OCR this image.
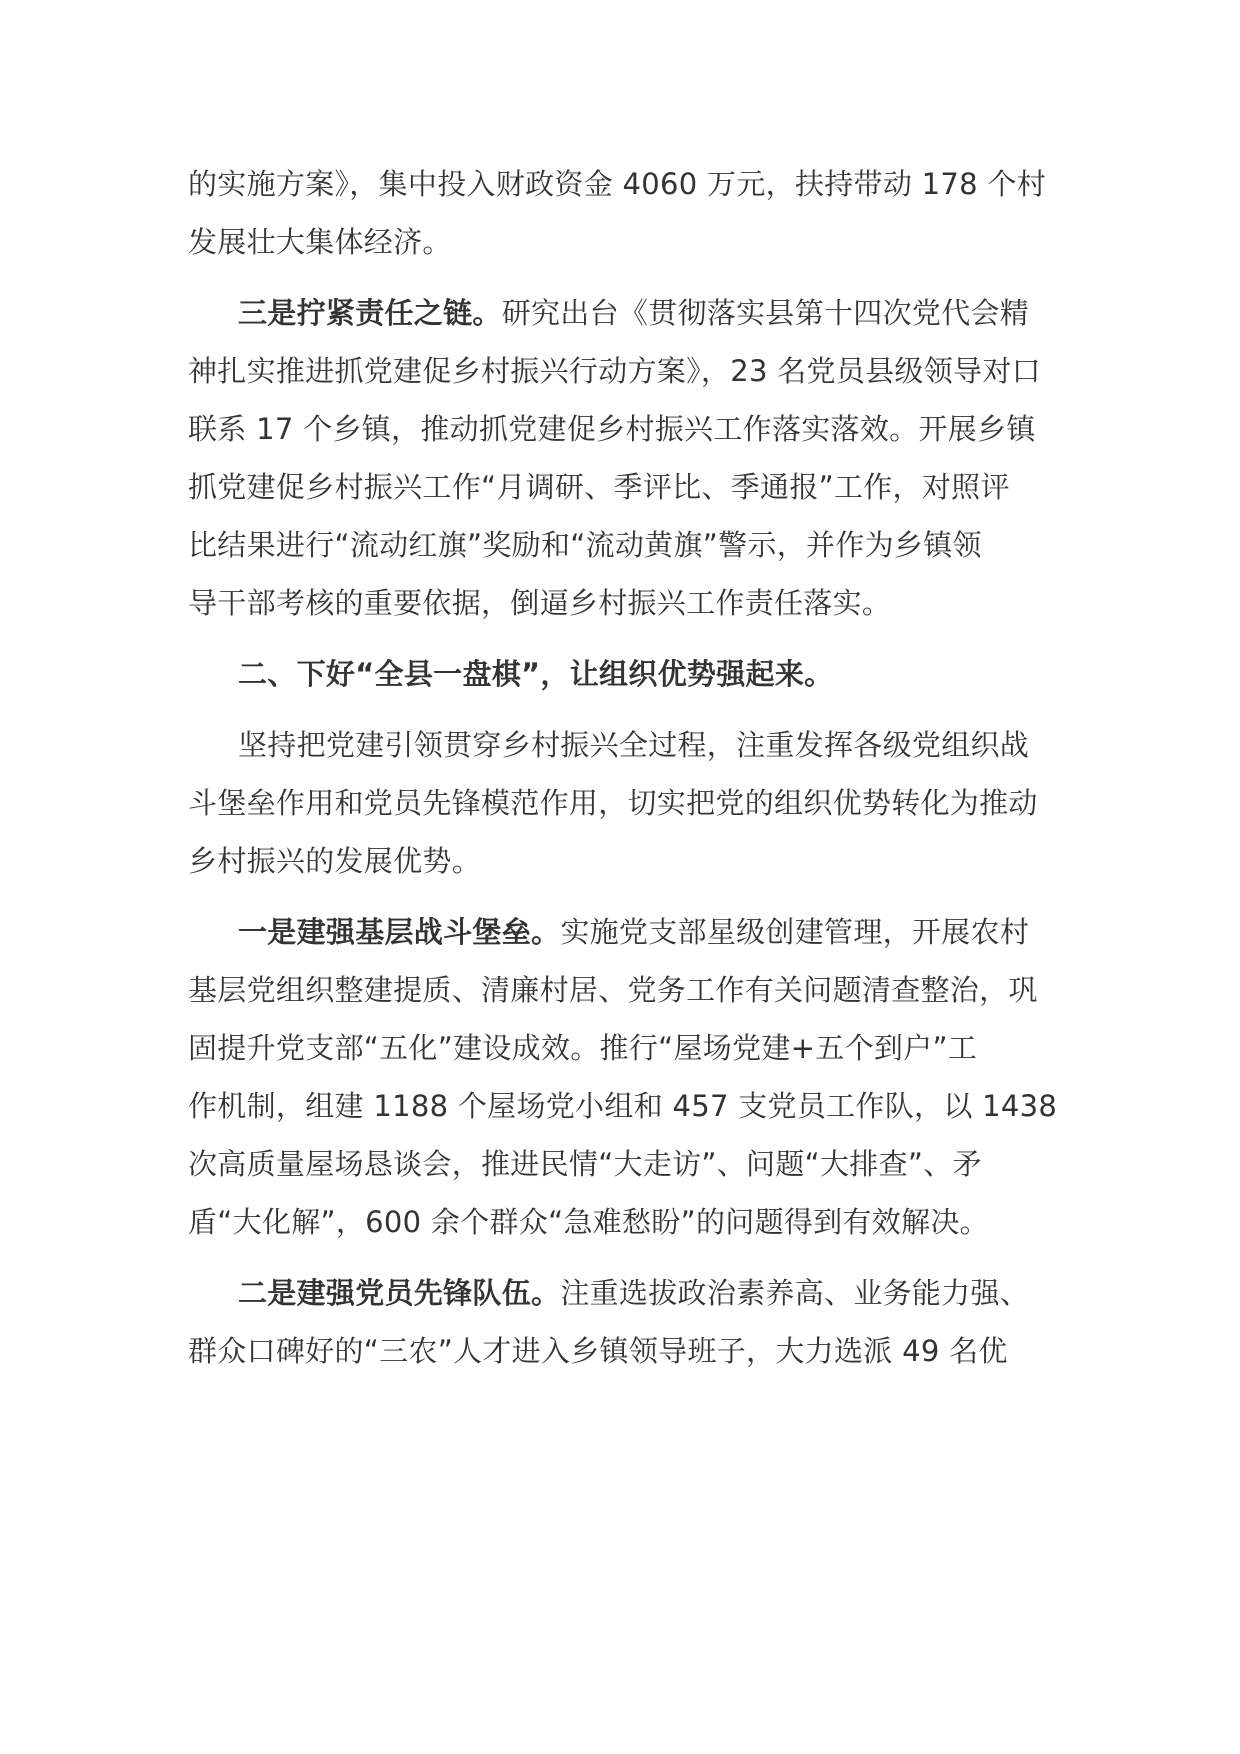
的实施方案》，集中投入财政资金 4060 万元，扶持带动 178 个村
发展壮大集体经济。
三是拧紧责任之链。研究出台《贯彻落实县第十四次党代会精
神扎实推进抓党建促乡村振兴行动方案》，23 名党员县级领导对口
联系 17 个乡镇，推动抓党建促乡村振兴工作落实落效。开展乡镇
抓党建促乡村振兴工作“月调研、季评比、季通报”工作，对照评
比结果进行“流动红旗”奖励和“流动黄旗”警示，并作为乡镇领
导干部考核的重要依据，倒逼乡村振兴工作责任落实。
二、下好“全县一盘棋”，让组织优势强起来。
坚持把党建引领贯穿乡村振兴全过程，注重发挥各级党组织战
斗堡垒作用和党员先锋模范作用，切实把党的组织优势转化为推动
乡村振兴的发展优势。
一是建强基层战斗堡垒。实施党支部星级创建管理，开展农村
基层党组织整建提质、清廉村居、党务工作有关问题清查整治，巩
固提升党支部“五化”建设成效。推行“屋场党建+五个到户”工
作机制，组建 1188 个屋场党小组和 457 支党员工作队，以 1438
次高质量屋场恳谈会，推进民情“大走访”、问题“大排查”、矛
盾“大化解”，600 余个群众“急难愁盼”的问题得到有效解决。
二是建强党员先锋队伍。注重选拔政治素养高、业务能力强、
群众口碑好的“三农”人才进入乡镇领导班子，大力选派 49 名优
